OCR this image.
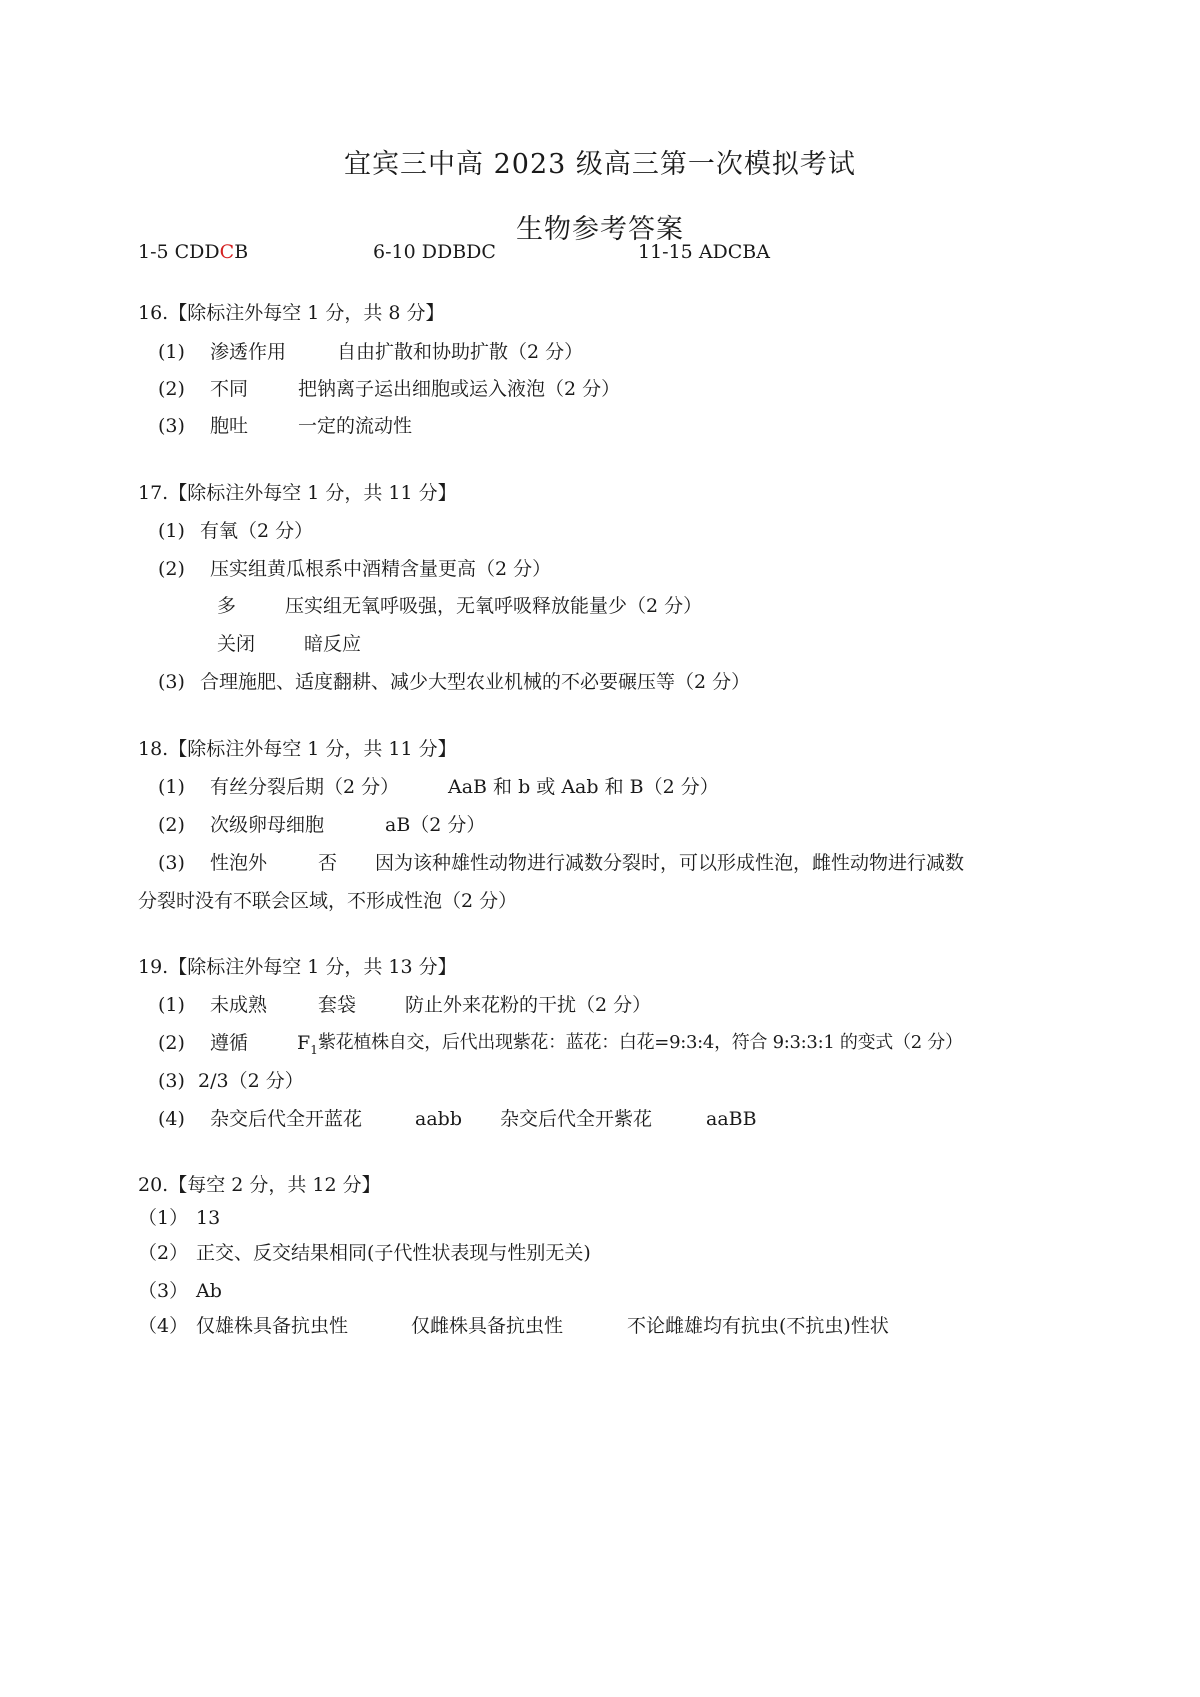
宜宾三中高 2023 级高三第一次模拟考试
生物参考答案
1-5 CDDCB	6-10 DDBDC	11-15 ADCBA
16.【除标注外每空 1 分，共 8 分】
(1) 渗透作用	自由扩散和协助扩散（2 分）
(2) 不同	把钠离子运出细胞或运入液泡（2 分）
(3) 胞吐	一定的流动性
17.【除标注外每空 1 分，共 11 分】
(1) 有氧（2 分）
(2) 压实组黄瓜根系中酒精含量更高（2 分）
多	压实组无氧呼吸强，无氧呼吸释放能量少（2 分）
关闭	暗反应
(3) 合理施肥、适度翻耕、减少大型农业机械的不必要碾压等（2 分）
18.【除标注外每空 1 分，共 11 分】
(1) 有丝分裂后期（2 分）	AaB 和 b 或 Aab 和 B（2 分）
(2) 次级卵母细胞	aB（2 分）
(3) 性泡外	否 因为该种雄性动物进行减数分裂时，可以形成性泡，雌性动物进行减数
分裂时没有不联会区域，不形成性泡（2 分）
19.【除标注外每空 1 分，共 13 分】
(1) 未成熟	套袋	防止外来花粉的干扰（2 分）
(2) 遵循	$F_1$ 紫花植株自交，后代出现紫花：蓝花：白花=9:3:4，符合 9:3:3:1 的变式（2 分）
(3) 2/3（2 分）
(4) 杂交后代全开蓝花	aabb 杂交后代全开紫花	aaBB
20.【每空 2 分，共 12 分】
（1） 13
（2） 正交、反交结果相同(子代性状表现与性别无关)
（3） Ab
（4） 仅雄株具备抗虫性	仅雌株具备抗虫性	不论雌雄均有抗虫(不抗虫)性状
